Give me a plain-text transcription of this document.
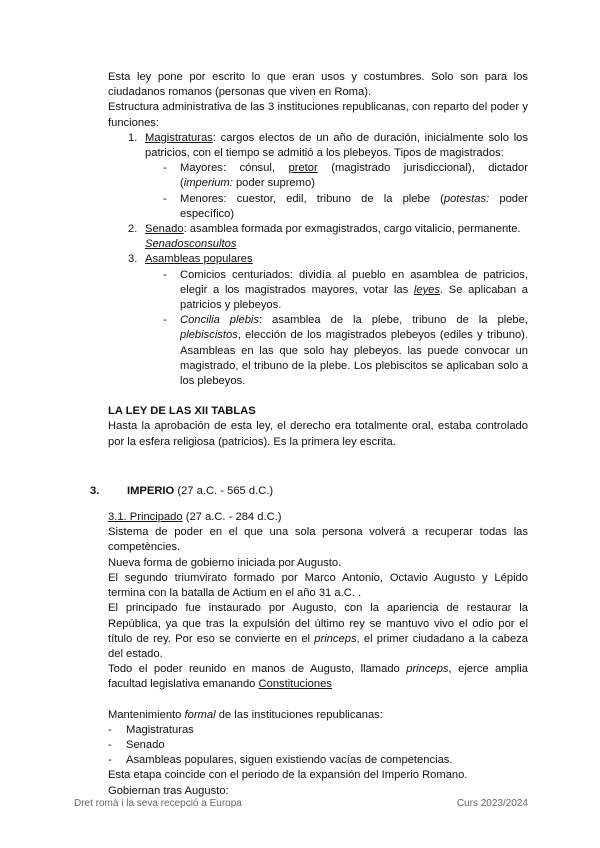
Esta ley pone por escrito lo que eran usos y costumbres. Solo son para los ciudadanos romanos (personas que viven en Roma).

Estructura administrativa de las 3 instituciones republicanas, con reparto del poder y funciones:

1. Magistraturas: cargos electos de un año de duración, inicialmente solo los patricios, con el tiempo se admitió a los plebeyos. Tipos de magistrados:

- Mayores: cónsul, pretor (magistrado jurisdiccional), dictador (imperium: poder supremo)

- Menores: cuestor, edil, tribuno de la plebe (potestas: poder específico)

2. Senado: asamblea formada por exmagistrados, cargo vitalicio, permanente.
Senadosconsultos

3. Asambleas populares

- Comicios centuriados: dividía al pueblo en asamblea de patricios, elegir a los magistrados mayores, votar las leyes. Se aplicaban a patricios y plebeyos.

- Concilia plebis: asamblea de la plebe, tribuno de la plebe, plebiscistos, elección de los magistrados plebeyos (ediles y tribuno). Asambleas en las que solo hay plebeyos. las puede convocar un magistrado, el tribuno de la plebe. Los plebiscitos se aplicaban solo a los plebeyos.

LA LEY DE LAS XII TABLAS

Hasta la aprobación de esta ley, el derecho era totalmente oral, estaba controlado por la esfera religiosa (patricios). Es la primera ley escrita.

3. IMPERIO (27 a.C. - 565 d.C.)

3.1. Principado (27 a.C. - 284 d.C.)

Sistema de poder en el que una sola persona volverá a recuperar todas las competències.

Nueva forma de gobierno iniciada por Augusto.

El segundo triumvirato formado por Marco Antonio, Octavio Augusto y Lépido termina con la batalla de Actium en el año 31 a.C. .

El principado fue instaurado por Augusto, con la apariencia de restaurar la República, ya que tras la expulsión del último rey se mantuvo vivo el odio por el título de rey. Por eso se convierte en el princeps, el primer ciudadano a la cabeza del estado.

Todo el poder reunido en manos de Augusto, llamado princeps, ejerce amplia facultad legislativa emanando Constituciones

Mantenimiento formal de las instituciones republicanas:

- Magistraturas
- Senado
- Asambleas populares, siguen existiendo vacías de competencias.

Esta etapa coincide con el periodo de la expansión del Imperio Romano.

Gobiernan tras Augusto:

Dret romà i la seva recepció a Europa	Curs 2023/2024
